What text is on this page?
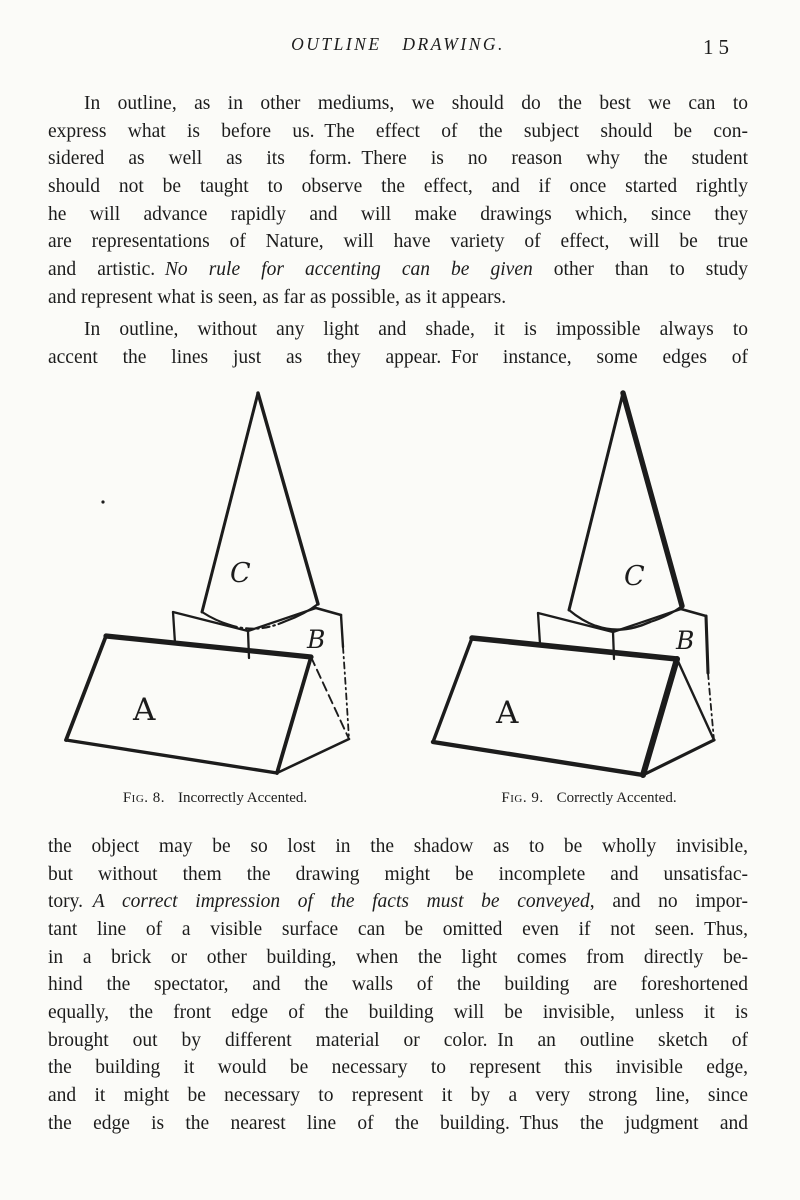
OUTLINE DRAWING.	15
In outline, as in other mediums, we should do the best we can to
express what is before us. The effect of the subject should be con-
sidered as well as its form. There is no reason why the student
should not be taught to observe the effect, and if once started rightly
he will advance rapidly and will make drawings which, since they
are representations of Nature, will have variety of effect, will be true
and artistic. No rule for accenting can be given other than to study
and represent what is seen, as far as possible, as it appears.
In outline, without any light and shade, it is impossible always to
accent the lines just as they appear. For instance, some edges of
C
B
A
C
B
A
Fig. 8. Incorrectly Accented.	Fig. 9. Correctly Accented.
the object may be so lost in the shadow as to be wholly invisible,
but without them the drawing might be incomplete and unsatisfac-
tory. A correct impression of the facts must be conveyed, and no impor-
tant line of a visible surface can be omitted even if not seen. Thus,
in a brick or other building, when the light comes from directly be-
hind the spectator, and the walls of the building are foreshortened
equally, the front edge of the building will be invisible, unless it is
brought out by different material or color. In an outline sketch of
the building it would be necessary to represent this invisible edge,
and it might be necessary to represent it by a very strong line, since
the edge is the nearest line of the building. Thus the judgment and
